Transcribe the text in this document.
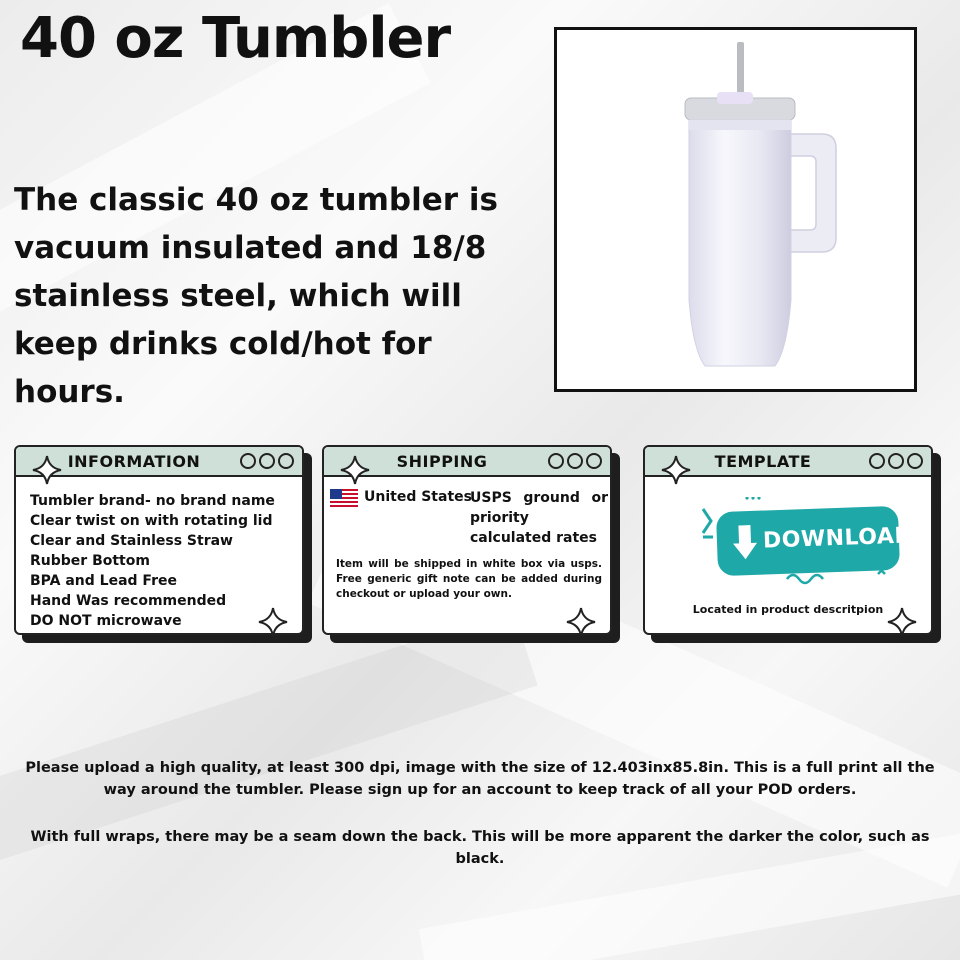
40 oz Tumbler

The classic 40 oz tumbler is vacuum insulated and 18/8 stainless steel, which will keep drinks cold/hot for hours.

INFORMATION
Tumbler brand- no brand name
Clear twist on with rotating lid
Clear and Stainless Straw
Rubber Bottom
BPA and Lead Free
Hand Was recommended
DO NOT microwave
SHIPPING
United States
USPS ground or priority calculated rates
Item will be shipped in white box via usps. Free generic gift note can be added during checkout or upload your own.
TEMPLATE
DOWNLOAD
Located in product descritpion

Please upload a high quality, at least 300 dpi, image with the size of 12.403inx85.8in. This is a full print all the way around the tumbler. Please sign up for an account to keep track of all your POD orders.

With full wraps, there may be a seam down the back. This will be more apparent the darker the color, such as black.
